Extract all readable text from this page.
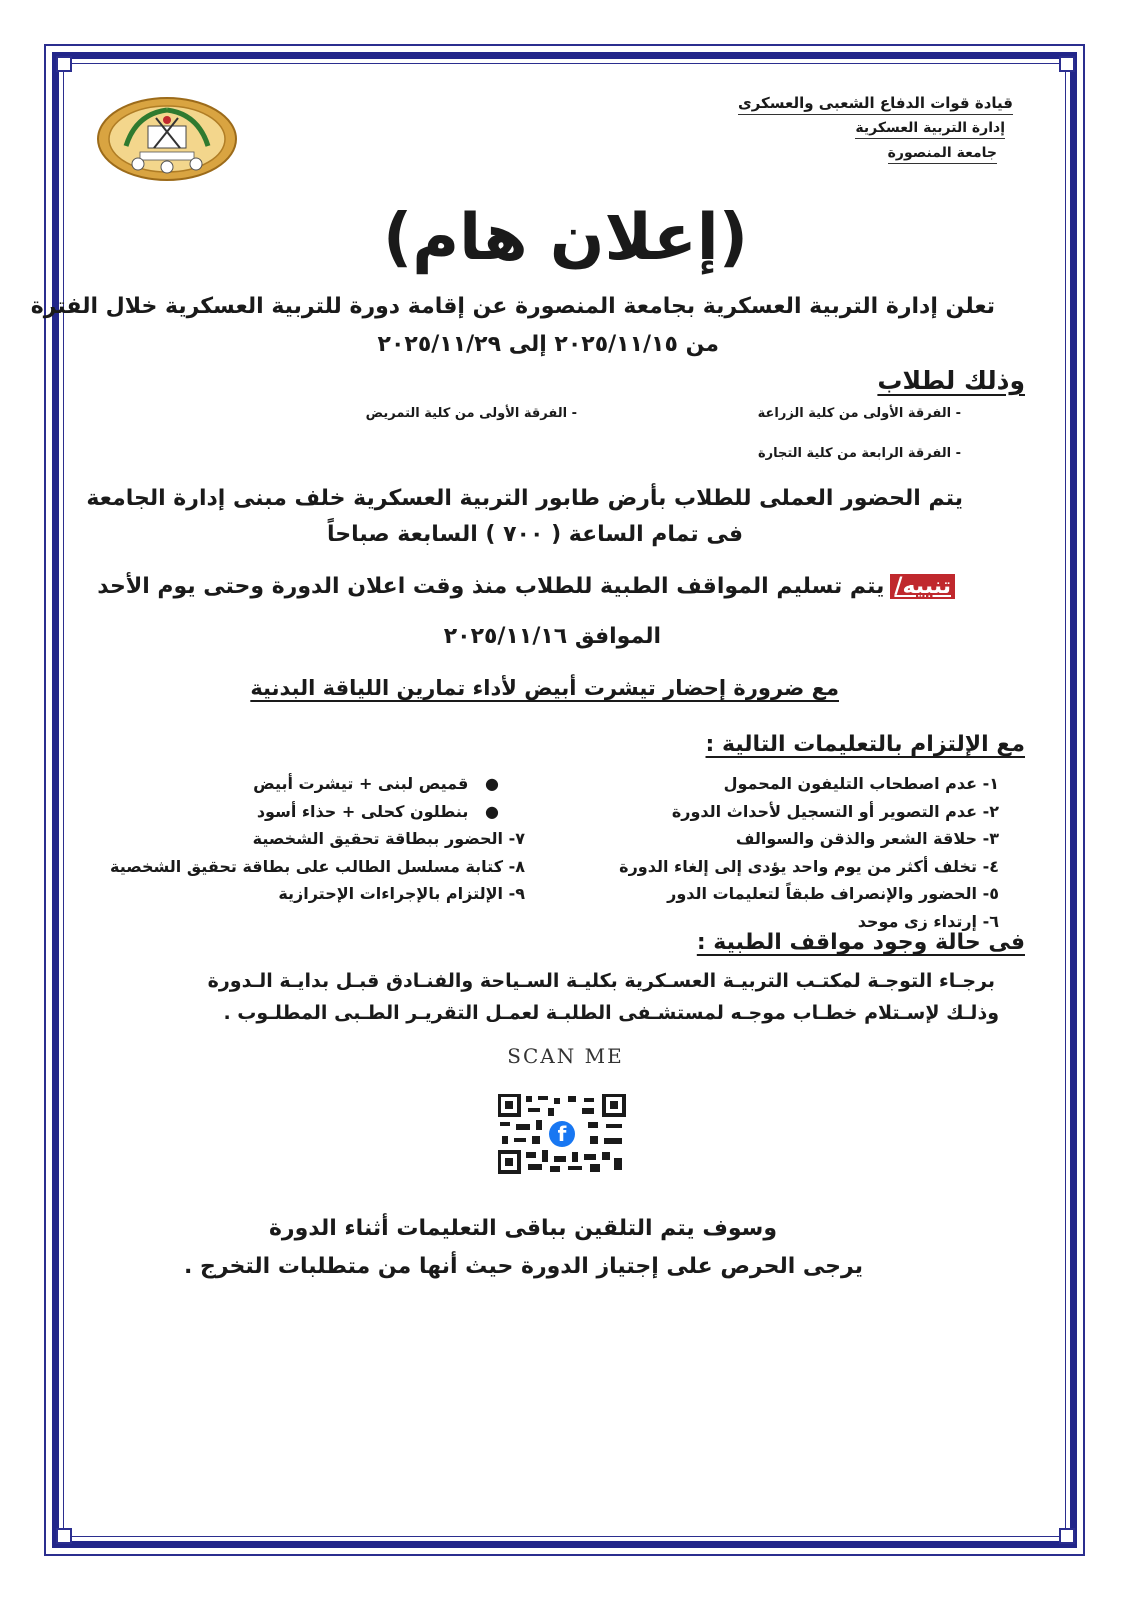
قيادة قوات الدفاع الشعبى والعسكرى
إدارة التربية العسكرية
جامعة المنصورة
(إعلان هام)
تعلن إدارة التربية العسكرية بجامعة المنصورة عن إقامة دورة للتربية العسكرية خلال الفترة
من ٢٠٢٥/١١/١٥ إلى ٢٠٢٥/١١/٢٩
وذلك لطلاب
- الفرقة الأولى من كلية الزراعة
- الفرقة الأولى من كلية التمريض
- الفرقة الرابعة من كلية التجارة
يتم الحضور العملى للطلاب بأرض طابور التربية العسكرية خلف مبنى إدارة الجامعة
فى تمام الساعة ( ٧٠٠ ) السابعة صباحاً
تنبيه/
يتم تسليم المواقف الطبية للطلاب منذ وقت اعلان الدورة وحتى يوم الأحد
الموافق ٢٠٢٥/١١/١٦
مع ضرورة إحضار تيشرت أبيض لأداء تمارين اللياقة البدنية
مع الإلتزام بالتعليمات التالية :
١- عدم اصطحاب التليفون المحمول
٢- عدم التصوير أو التسجيل لأحداث الدورة
٣- حلاقة الشعر والذقن والسوالف
٤- تخلف أكثر من يوم واحد يؤدى إلى إلغاء الدورة
٥- الحضور والإنصراف طبقاً لتعليمات الدور
٦- إرتداء زى موحد
●   قميص لبنى + تيشرت أبيض
●   بنطلون كحلى + حذاء أسود
٧- الحضور ببطاقة تحقيق الشخصية
٨- كتابة مسلسل الطالب على بطاقة تحقيق الشخصية
٩- الإلتزام بالإجراءات الإحترازية
فى حالة وجود مواقف الطبية :
برجـاء التوجـة لمكتـب التربيـة العسـكرية بكليـة السـياحة والفنـادق قبـل بدايـة الـدورة
وذلـك لإسـتلام خطـاب موجـه لمستشـفى الطلبـة لعمـل التقريـر الطـبى المطلـوب .
SCAN ME
f
وسوف يتم التلقين بباقى التعليمات أثناء الدورة
يرجى الحرص على إجتياز الدورة حيث أنها من متطلبات التخرج .
